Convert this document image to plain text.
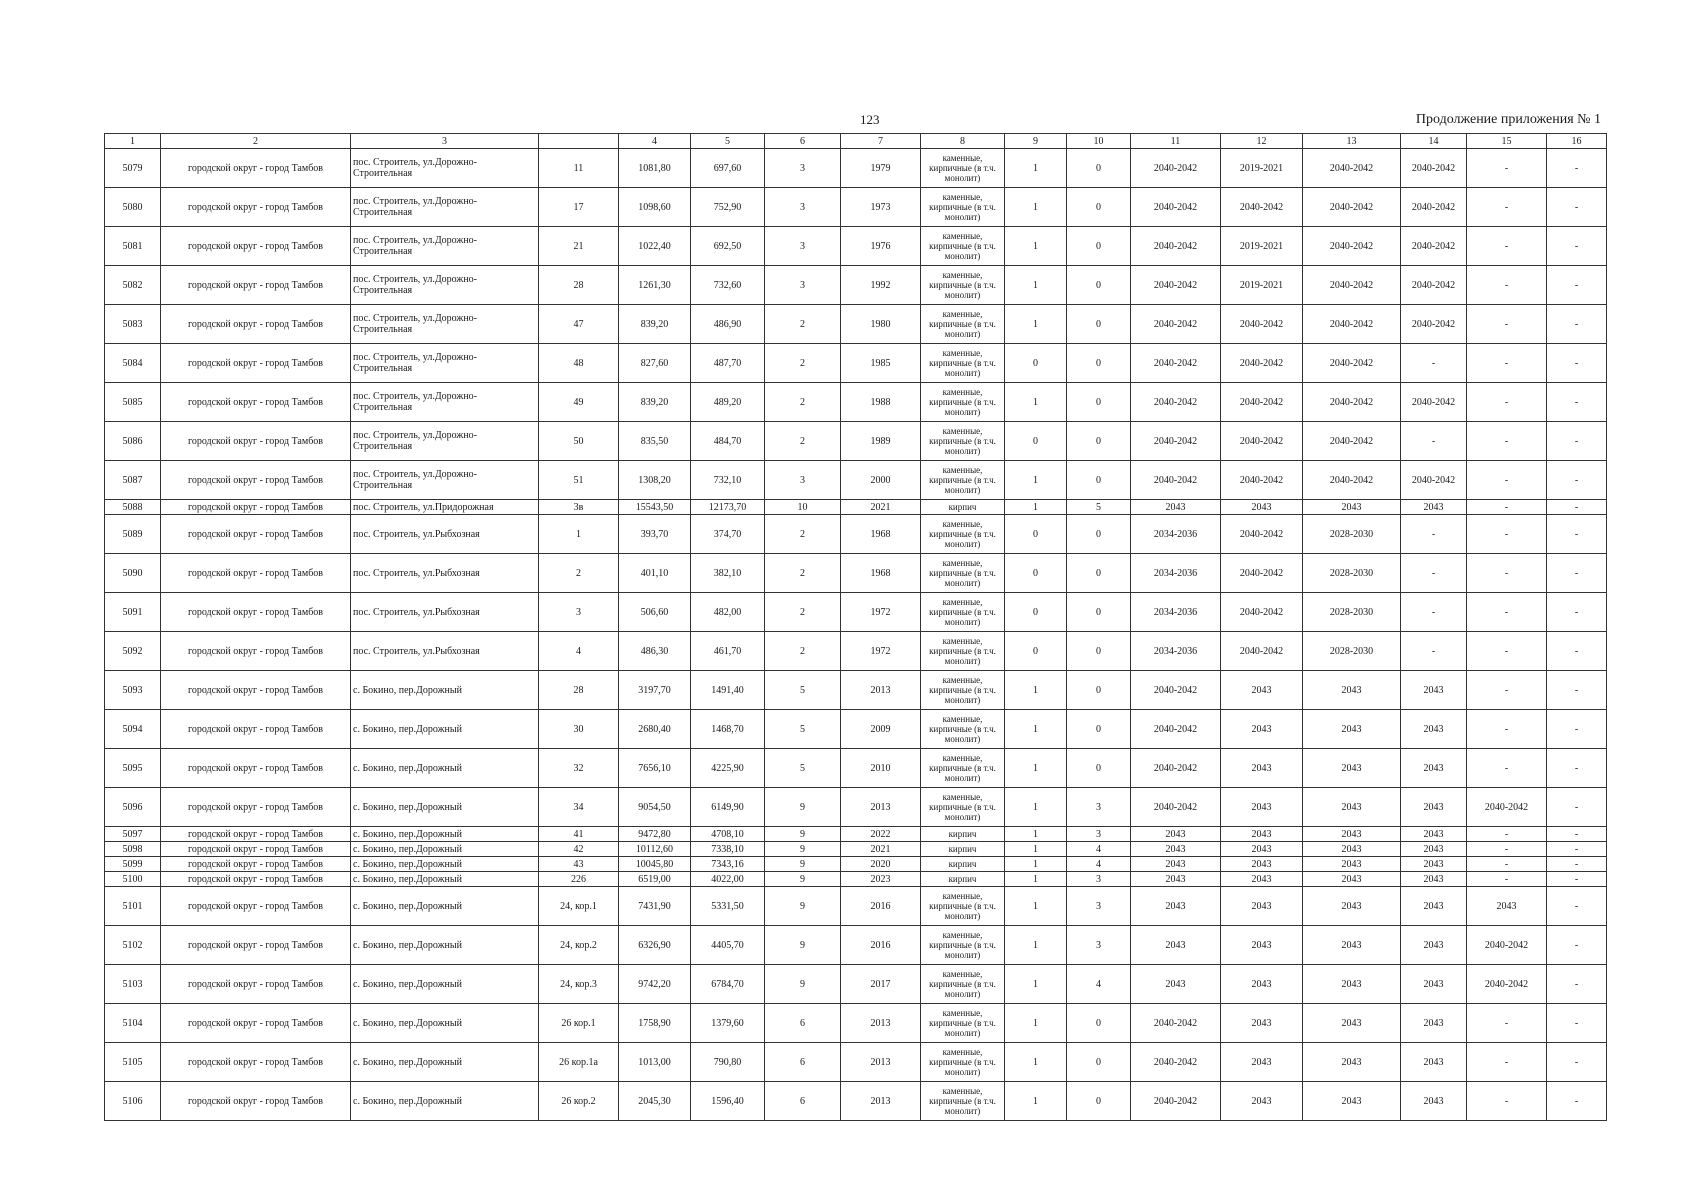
123	Продолжение приложения № 1
1	2	3		4	5	6	7	8	9	10	11	12	13	14	15	16
5079	городской округ - город Тамбов	пос. Строитель, ул.Дорожно-Строительная	11	1081,80	697,60	3	1979	каменные, кирпичные (в т.ч. монолит)	1	0	2040-2042	2019-2021	2040-2042	2040-2042	-	-
5080	городской округ - город Тамбов	пос. Строитель, ул.Дорожно-Строительная	17	1098,60	752,90	3	1973	каменные, кирпичные (в т.ч. монолит)	1	0	2040-2042	2040-2042	2040-2042	2040-2042	-	-
5081	городской округ - город Тамбов	пос. Строитель, ул.Дорожно-Строительная	21	1022,40	692,50	3	1976	каменные, кирпичные (в т.ч. монолит)	1	0	2040-2042	2019-2021	2040-2042	2040-2042	-	-
5082	городской округ - город Тамбов	пос. Строитель, ул.Дорожно-Строительная	28	1261,30	732,60	3	1992	каменные, кирпичные (в т.ч. монолит)	1	0	2040-2042	2019-2021	2040-2042	2040-2042	-	-
5083	городской округ - город Тамбов	пос. Строитель, ул.Дорожно-Строительная	47	839,20	486,90	2	1980	каменные, кирпичные (в т.ч. монолит)	1	0	2040-2042	2040-2042	2040-2042	2040-2042	-	-
5084	городской округ - город Тамбов	пос. Строитель, ул.Дорожно-Строительная	48	827,60	487,70	2	1985	каменные, кирпичные (в т.ч. монолит)	0	0	2040-2042	2040-2042	2040-2042	-	-	-
5085	городской округ - город Тамбов	пос. Строитель, ул.Дорожно-Строительная	49	839,20	489,20	2	1988	каменные, кирпичные (в т.ч. монолит)	1	0	2040-2042	2040-2042	2040-2042	2040-2042	-	-
5086	городской округ - город Тамбов	пос. Строитель, ул.Дорожно-Строительная	50	835,50	484,70	2	1989	каменные, кирпичные (в т.ч. монолит)	0	0	2040-2042	2040-2042	2040-2042	-	-	-
5087	городской округ - город Тамбов	пос. Строитель, ул.Дорожно-Строительная	51	1308,20	732,10	3	2000	каменные, кирпичные (в т.ч. монолит)	1	0	2040-2042	2040-2042	2040-2042	2040-2042	-	-
5088	городской округ - город Тамбов	пос. Строитель, ул.Придорожная	3в	15543,50	12173,70	10	2021	кирпич	1	5	2043	2043	2043	2043	-	-
5089	городской округ - город Тамбов	пос. Строитель, ул.Рыбхозная	1	393,70	374,70	2	1968	каменные, кирпичные (в т.ч. монолит)	0	0	2034-2036	2040-2042	2028-2030	-	-	-
5090	городской округ - город Тамбов	пос. Строитель, ул.Рыбхозная	2	401,10	382,10	2	1968	каменные, кирпичные (в т.ч. монолит)	0	0	2034-2036	2040-2042	2028-2030	-	-	-
5091	городской округ - город Тамбов	пос. Строитель, ул.Рыбхозная	3	506,60	482,00	2	1972	каменные, кирпичные (в т.ч. монолит)	0	0	2034-2036	2040-2042	2028-2030	-	-	-
5092	городской округ - город Тамбов	пос. Строитель, ул.Рыбхозная	4	486,30	461,70	2	1972	каменные, кирпичные (в т.ч. монолит)	0	0	2034-2036	2040-2042	2028-2030	-	-	-
5093	городской округ - город Тамбов	с. Бокино, пер.Дорожный	28	3197,70	1491,40	5	2013	каменные, кирпичные (в т.ч. монолит)	1	0	2040-2042	2043	2043	2043	-	-
5094	городской округ - город Тамбов	с. Бокино, пер.Дорожный	30	2680,40	1468,70	5	2009	каменные, кирпичные (в т.ч. монолит)	1	0	2040-2042	2043	2043	2043	-	-
5095	городской округ - город Тамбов	с. Бокино, пер.Дорожный	32	7656,10	4225,90	5	2010	каменные, кирпичные (в т.ч. монолит)	1	0	2040-2042	2043	2043	2043	-	-
5096	городской округ - город Тамбов	с. Бокино, пер.Дорожный	34	9054,50	6149,90	9	2013	каменные, кирпичные (в т.ч. монолит)	1	3	2040-2042	2043	2043	2043	2040-2042	-
5097	городской округ - город Тамбов	с. Бокино, пер.Дорожный	41	9472,80	4708,10	9	2022	кирпич	1	3	2043	2043	2043	2043	-	-
5098	городской округ - город Тамбов	с. Бокино, пер.Дорожный	42	10112,60	7338,10	9	2021	кирпич	1	4	2043	2043	2043	2043	-	-
5099	городской округ - город Тамбов	с. Бокино, пер.Дорожный	43	10045,80	7343,16	9	2020	кирпич	1	4	2043	2043	2043	2043	-	-
5100	городской округ - город Тамбов	с. Бокино, пер.Дорожный	226	6519,00	4022,00	9	2023	кирпич	1	3	2043	2043	2043	2043	-	-
5101	городской округ - город Тамбов	с. Бокино, пер.Дорожный	24, кор.1	7431,90	5331,50	9	2016	каменные, кирпичные (в т.ч. монолит)	1	3	2043	2043	2043	2043	2043	-
5102	городской округ - город Тамбов	с. Бокино, пер.Дорожный	24, кор.2	6326,90	4405,70	9	2016	каменные, кирпичные (в т.ч. монолит)	1	3	2043	2043	2043	2043	2040-2042	-
5103	городской округ - город Тамбов	с. Бокино, пер.Дорожный	24, кор.3	9742,20	6784,70	9	2017	каменные, кирпичные (в т.ч. монолит)	1	4	2043	2043	2043	2043	2040-2042	-
5104	городской округ - город Тамбов	с. Бокино, пер.Дорожный	26 кор.1	1758,90	1379,60	6	2013	каменные, кирпичные (в т.ч. монолит)	1	0	2040-2042	2043	2043	2043	-	-
5105	городской округ - город Тамбов	с. Бокино, пер.Дорожный	26 кор.1а	1013,00	790,80	6	2013	каменные, кирпичные (в т.ч. монолит)	1	0	2040-2042	2043	2043	2043	-	-
5106	городской округ - город Тамбов	с. Бокино, пер.Дорожный	26 кор.2	2045,30	1596,40	6	2013	каменные, кирпичные (в т.ч. монолит)	1	0	2040-2042	2043	2043	2043	-	-
